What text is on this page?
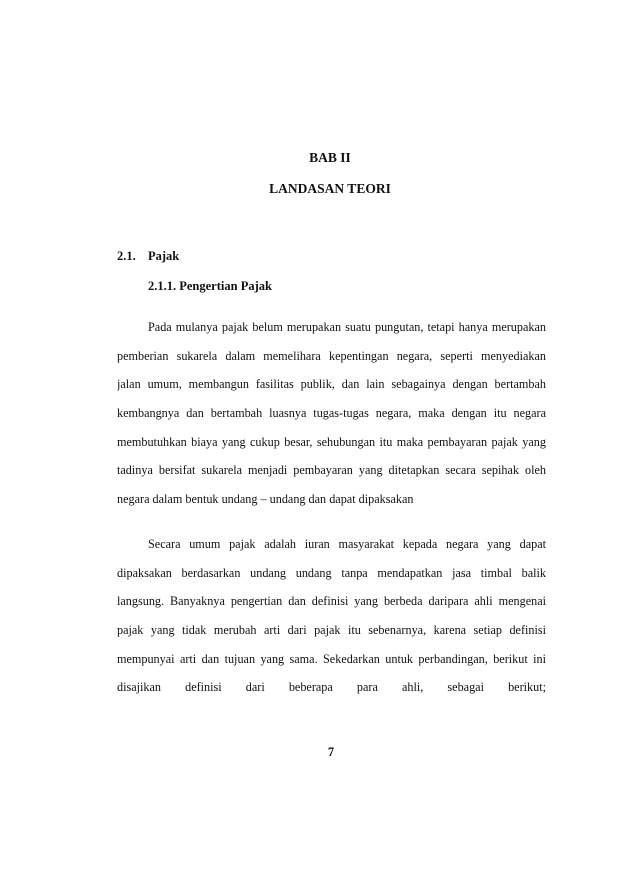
BAB II
LANDASAN TEORI
2.1. Pajak
2.1.1. Pengertian Pajak
Pada mulanya pajak belum merupakan suatu pungutan, tetapi hanya merupakan
pemberian sukarela dalam memelihara kepentingan negara, seperti menyediakan
jalan umum, membangun fasilitas publik, dan lain sebagainya dengan bertambah
kembangnya dan bertambah luasnya tugas-tugas negara, maka dengan itu negara
membutuhkan biaya yang cukup besar, sehubungan itu maka pembayaran pajak yang
tadinya bersifat sukarela menjadi pembayaran yang ditetapkan secara sepihak oleh
negara dalam bentuk undang – undang dan dapat dipaksakan
Secara umum pajak adalah iuran masyarakat kepada negara yang dapat
dipaksakan berdasarkan undang undang tanpa mendapatkan jasa timbal balik
langsung. Banyaknya pengertian dan definisi yang berbeda daripara ahli mengenai
pajak yang tidak merubah arti dari pajak itu sebenarnya, karena setiap definisi
mempunyai arti dan tujuan yang sama. Sekedarkan untuk perbandingan, berikut ini
disajikan definisi dari beberapa para ahli, sebagai berikut;
7
